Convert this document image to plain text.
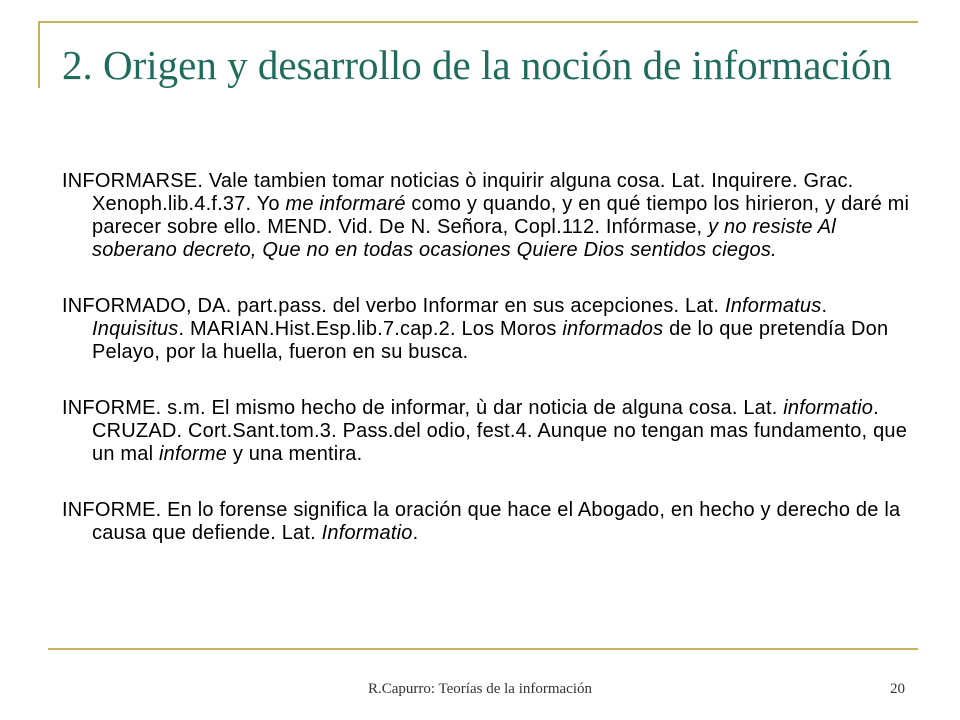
2. Origen y desarrollo de la noción de información

INFORMARSE. Vale tambien tomar noticias ò inquirir alguna cosa. Lat. Inquirere. Grac. Xenoph.lib.4.f.37. Yo me informaré como y quando, y en qué tiempo los hirieron, y daré mi parecer sobre ello. MEND. Vid. De N. Señora, Copl.112. Infórmase, y no resiste Al soberano decreto, Que no en todas ocasiones Quiere Dios sentidos ciegos.

INFORMADO, DA. part.pass. del verbo Informar en sus acepciones. Lat. Informatus. Inquisitus. MARIAN.Hist.Esp.lib.7.cap.2. Los Moros informados de lo que pretendía Don Pelayo, por la huella, fueron en su busca.

INFORME. s.m. El mismo hecho de informar, ù dar noticia de alguna cosa. Lat. informatio. CRUZAD. Cort.Sant.tom.3. Pass.del odio, fest.4. Aunque no tengan mas fundamento, que un mal informe y una mentira.

INFORME. En lo forense significa la oración que hace el Abogado, en hecho y derecho de la causa que defiende. Lat. Informatio.

R.Capurro: Teorías de la información	20
